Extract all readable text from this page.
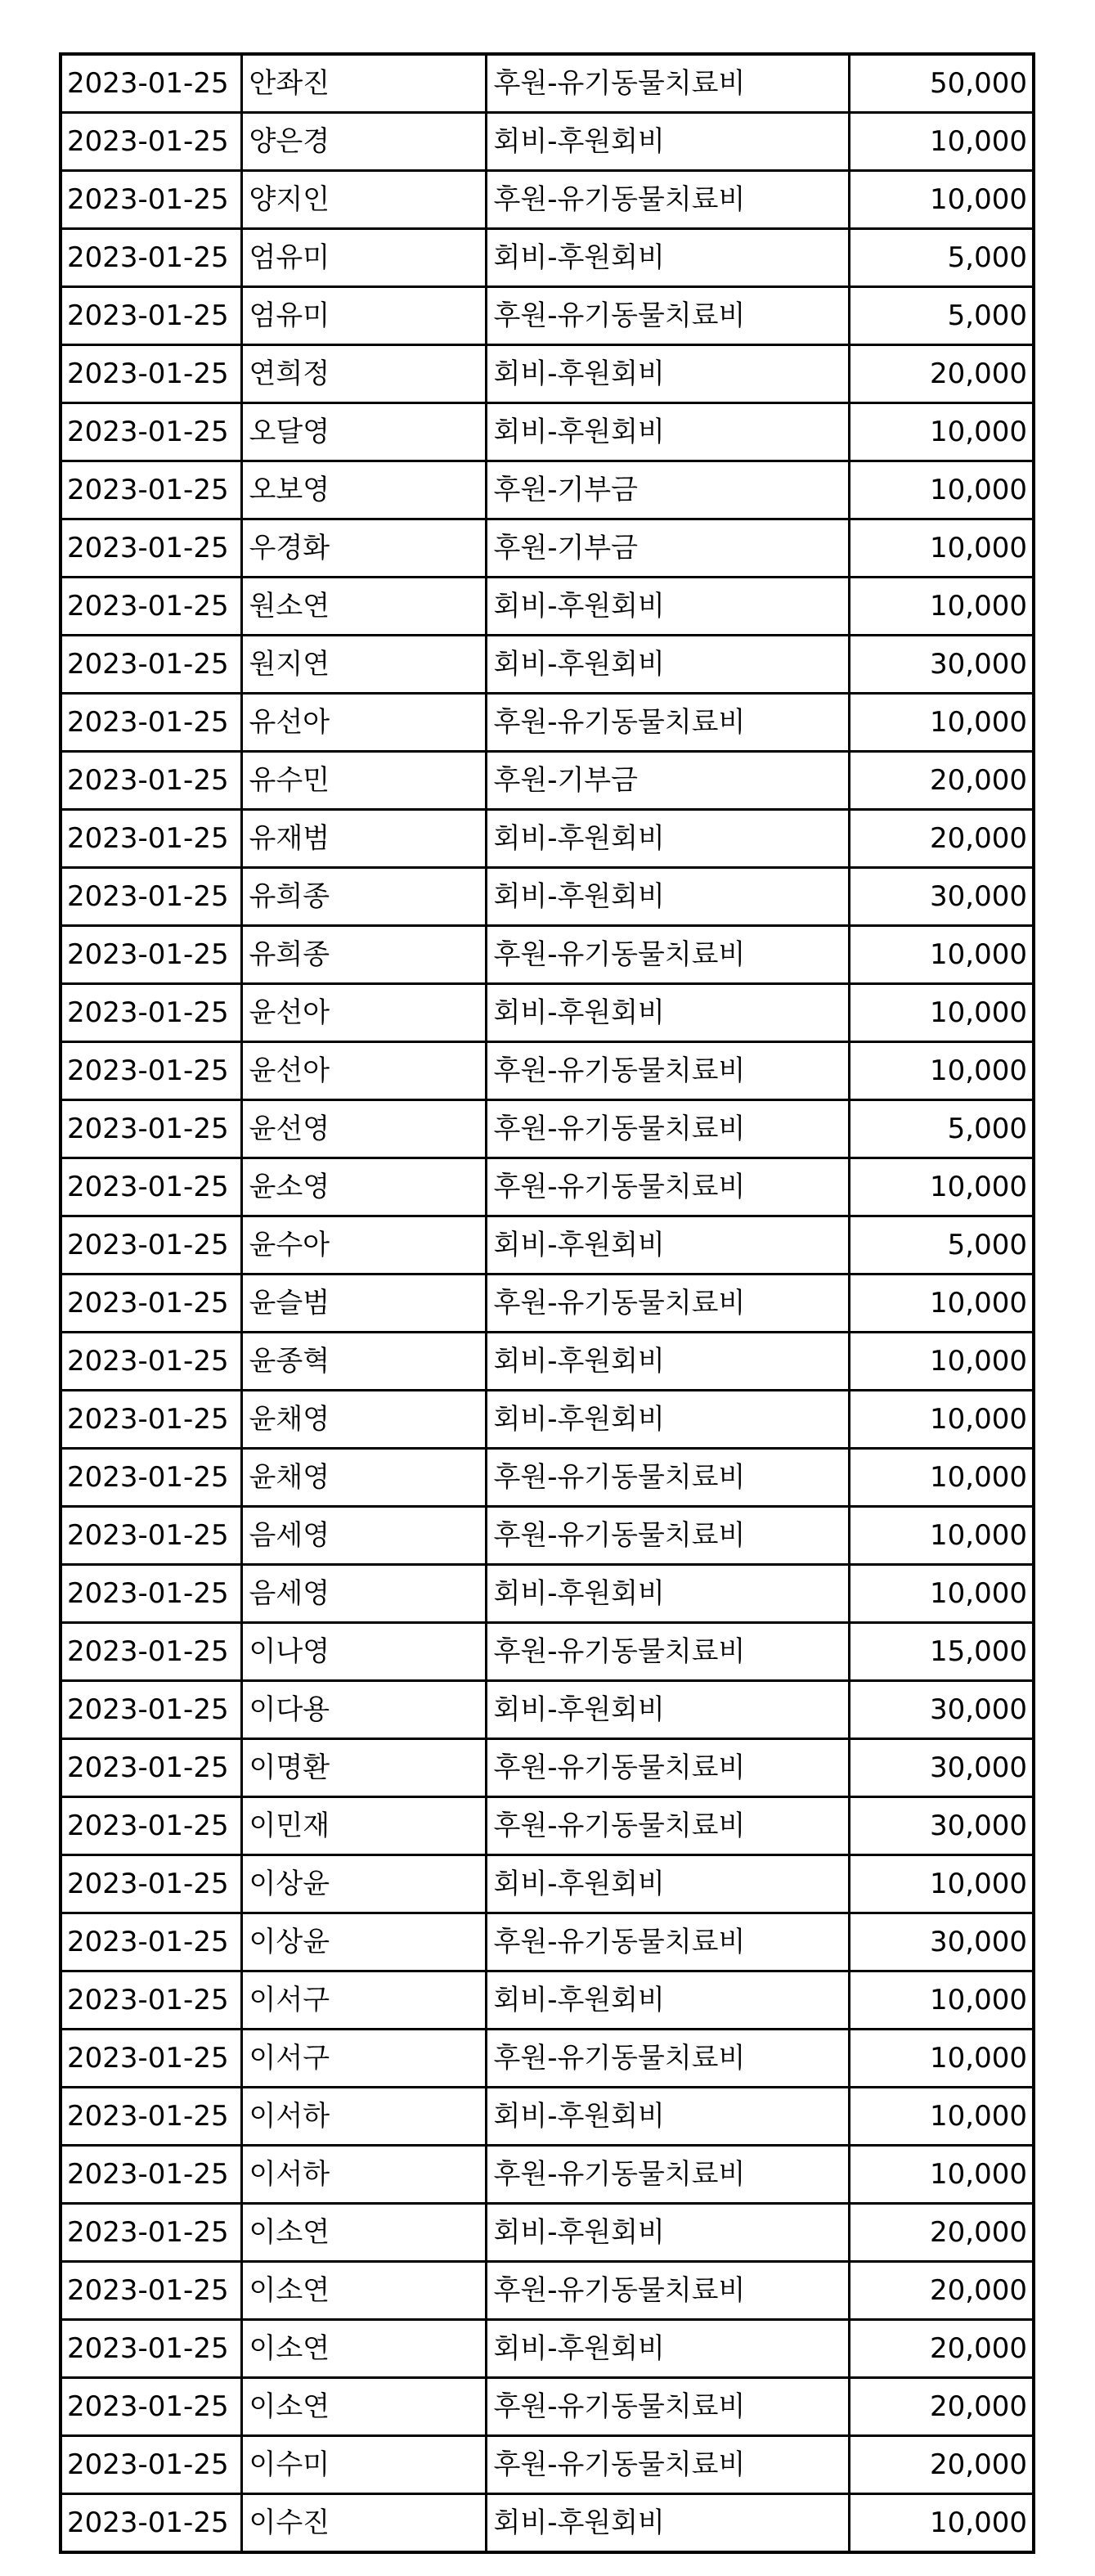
2023-01-25	안좌진	후원-유기동물치료비	50,000
2023-01-25	양은경	회비-후원회비	10,000
2023-01-25	양지인	후원-유기동물치료비	10,000
2023-01-25	엄유미	회비-후원회비	5,000
2023-01-25	엄유미	후원-유기동물치료비	5,000
2023-01-25	연희정	회비-후원회비	20,000
2023-01-25	오달영	회비-후원회비	10,000
2023-01-25	오보영	후원-기부금	10,000
2023-01-25	우경화	후원-기부금	10,000
2023-01-25	원소연	회비-후원회비	10,000
2023-01-25	원지연	회비-후원회비	30,000
2023-01-25	유선아	후원-유기동물치료비	10,000
2023-01-25	유수민	후원-기부금	20,000
2023-01-25	유재범	회비-후원회비	20,000
2023-01-25	유희종	회비-후원회비	30,000
2023-01-25	유희종	후원-유기동물치료비	10,000
2023-01-25	윤선아	회비-후원회비	10,000
2023-01-25	윤선아	후원-유기동물치료비	10,000
2023-01-25	윤선영	후원-유기동물치료비	5,000
2023-01-25	윤소영	후원-유기동물치료비	10,000
2023-01-25	윤수아	회비-후원회비	5,000
2023-01-25	윤슬범	후원-유기동물치료비	10,000
2023-01-25	윤종혁	회비-후원회비	10,000
2023-01-25	윤채영	회비-후원회비	10,000
2023-01-25	윤채영	후원-유기동물치료비	10,000
2023-01-25	음세영	후원-유기동물치료비	10,000
2023-01-25	음세영	회비-후원회비	10,000
2023-01-25	이나영	후원-유기동물치료비	15,000
2023-01-25	이다용	회비-후원회비	30,000
2023-01-25	이명환	후원-유기동물치료비	30,000
2023-01-25	이민재	후원-유기동물치료비	30,000
2023-01-25	이상윤	회비-후원회비	10,000
2023-01-25	이상윤	후원-유기동물치료비	30,000
2023-01-25	이서구	회비-후원회비	10,000
2023-01-25	이서구	후원-유기동물치료비	10,000
2023-01-25	이서하	회비-후원회비	10,000
2023-01-25	이서하	후원-유기동물치료비	10,000
2023-01-25	이소연	회비-후원회비	20,000
2023-01-25	이소연	후원-유기동물치료비	20,000
2023-01-25	이소연	회비-후원회비	20,000
2023-01-25	이소연	후원-유기동물치료비	20,000
2023-01-25	이수미	후원-유기동물치료비	20,000
2023-01-25	이수진	회비-후원회비	10,000
